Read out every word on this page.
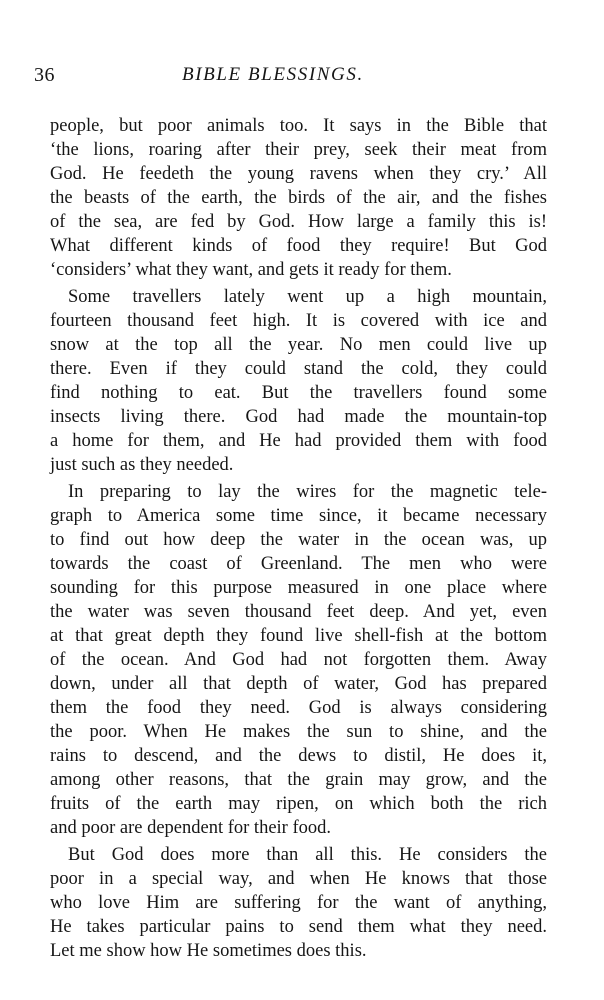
36	BIBLE BLESSINGS.
people, but poor animals too. It says in the Bible that
‘the lions, roaring after their prey, seek their meat from
God. He feedeth the young ravens when they cry.’ All
the beasts of the earth, the birds of the air, and the fishes
of the sea, are fed by God. How large a family this is!
What different kinds of food they require! But God
‘considers’ what they want, and gets it ready for them.
Some travellers lately went up a high mountain,
fourteen thousand feet high. It is covered with ice and
snow at the top all the year. No men could live up
there. Even if they could stand the cold, they could
find nothing to eat. But the travellers found some
insects living there. God had made the mountain-top
a home for them, and He had provided them with food
just such as they needed.
In preparing to lay the wires for the magnetic tele-
graph to America some time since, it became necessary
to find out how deep the water in the ocean was, up
towards the coast of Greenland. The men who were
sounding for this purpose measured in one place where
the water was seven thousand feet deep. And yet, even
at that great depth they found live shell-fish at the bottom
of the ocean. And God had not forgotten them. Away
down, under all that depth of water, God has prepared
them the food they need. God is always considering
the poor. When He makes the sun to shine, and the
rains to descend, and the dews to distil, He does it,
among other reasons, that the grain may grow, and the
fruits of the earth may ripen, on which both the rich
and poor are dependent for their food.
But God does more than all this. He considers the
poor in a special way, and when He knows that those
who love Him are suffering for the want of anything,
He takes particular pains to send them what they need.
Let me show how He sometimes does this.
